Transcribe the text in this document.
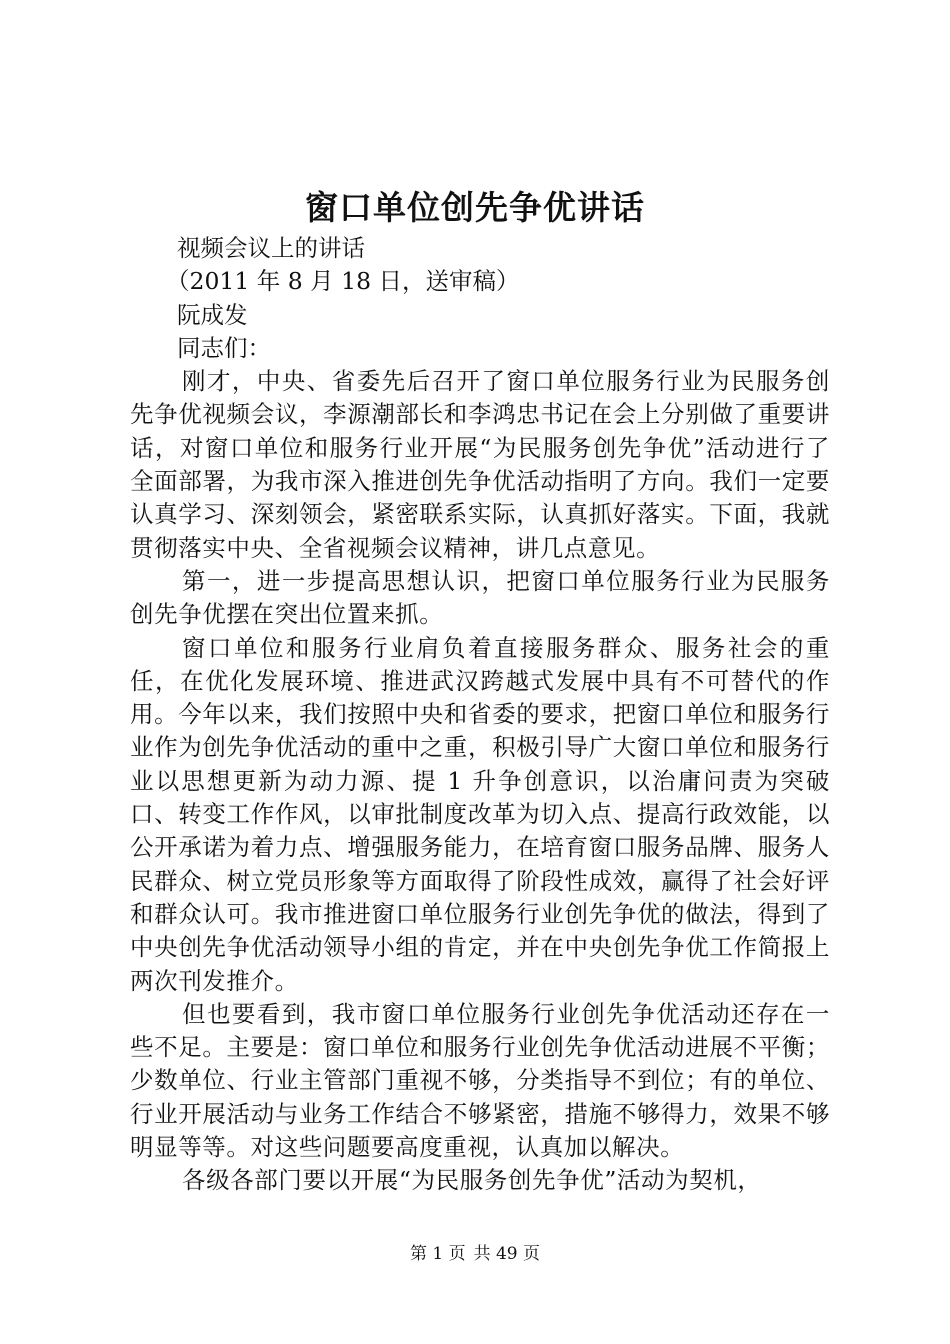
窗口单位创先争优讲话

视频会议上的讲话

（2011 年 8 月 18 日，送审稿）

阮成发

同志们：

刚才，中央、省委先后召开了窗口单位服务行业为民服务创先争优视频会议，李源潮部长和李鸿忠书记在会上分别做了重要讲话，对窗口单位和服务行业开展“为民服务创先争优”活动进行了全面部署，为我市深入推进创先争优活动指明了方向。我们一定要认真学习、深刻领会，紧密联系实际，认真抓好落实。下面，我就贯彻落实中央、全省视频会议精神，讲几点意见。

第一，进一步提高思想认识，把窗口单位服务行业为民服务创先争优摆在突出位置来抓。

窗口单位和服务行业肩负着直接服务群众、服务社会的重任，在优化发展环境、推进武汉跨越式发展中具有不可替代的作用。今年以来，我们按照中央和省委的要求，把窗口单位和服务行业作为创先争优活动的重中之重，积极引导广大窗口单位和服务行业以思想更新为动力源、提 1 升争创意识，以治庸问责为突破口、转变工作作风，以审批制度改革为切入点、提高行政效能，以公开承诺为着力点、增强服务能力，在培育窗口服务品牌、服务人民群众、树立党员形象等方面取得了阶段性成效，赢得了社会好评和群众认可。我市推进窗口单位服务行业创先争优的做法，得到了中央创先争优活动领导小组的肯定，并在中央创先争优工作简报上两次刊发推介。

但也要看到，我市窗口单位服务行业创先争优活动还存在一些不足。主要是：窗口单位和服务行业创先争优活动进展不平衡；少数单位、行业主管部门重视不够，分类指导不到位；有的单位、行业开展活动与业务工作结合不够紧密，措施不够得力，效果不够明显等等。对这些问题要高度重视，认真加以解决。

各级各部门要以开展“为民服务创先争优”活动为契机，

第 1 页 共 49 页
